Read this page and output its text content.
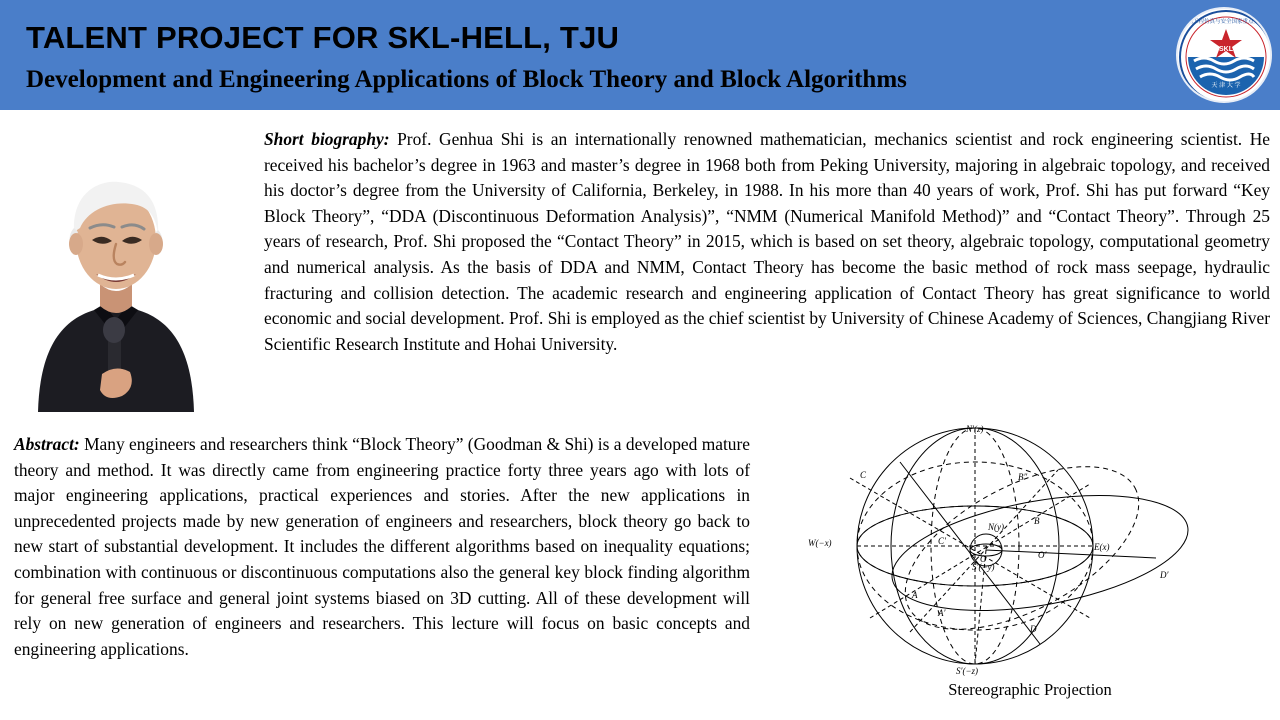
TALENT PROJECT FOR SKL-HELL, TJU
Development and Engineering Applications of Block Theory and Block Algorithms
SKL
天 津 大 学
水利工程仿真与安全国家重点实验室
Short biography: Prof. Genhua Shi is an internationally renowned mathematician, mechanics scientist and rock engineering scientist. He received his bachelor’s degree in 1963 and master’s degree in 1968 both from Peking University, majoring in algebraic topology, and received his doctor’s degree from the University of California, Berkeley, in 1988. In his more than 40 years of work, Prof. Shi has put forward “Key Block Theory”, “DDA (Discontinuous Deformation Analysis)”, “NMM (Numerical Manifold Method)” and “Contact Theory”. Through 25 years of research, Prof. Shi proposed the “Contact Theory” in 2015, which is based on set theory, algebraic topology, computational geometry and numerical analysis. As the basis of DDA and NMM, Contact Theory has become the basic method of rock mass seepage, hydraulic fracturing and collision detection. The academic research and engineering application of Contact Theory has great significance to world economic and social development. Prof. Shi is employed as the chief scientist by University of Chinese Academy of Sciences, Changjiang River Scientific Research Institute and Hohai University.
Abstract: Many engineers and researchers think “Block Theory” (Goodman & Shi) is a developed mature theory and method. It was directly came from engineering practice forty three years ago with lots of major engineering applications, practical experiences and stories. After the new applications in unprecedented projects made by new generation of engineers and researchers, block theory go back to new start of substantial development. It includes the different algorithms based on inequality equations; combination with continuous or discontinuous computations also the general key block finding algorithm for general free surface and general joint systems biased on 3D cutting. All of these development will rely on new generation of engineers and researchers. This lecture will focus on basic concepts and engineering applications.
N′(z)
S′(−z)
E(x)
W(−x)
N(y)
S′(−y)
A
B
C
D
O	O′
C′
D′
B″
A′
Stereographic Projection
